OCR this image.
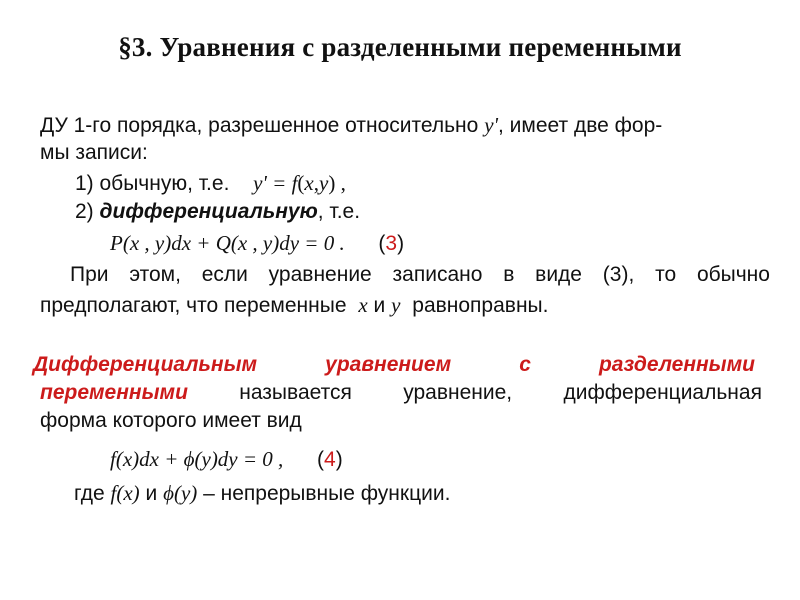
§3. Уравнения с разделенными переменными
ДУ 1-го порядка, разрешенное относительно y', имеет две фор-
мы записи:
1) обычную, т.е. y' = f(x,y) ,
2) дифференциальную, т.е.
P(x , y)dx + Q(x , y)dy = 0 . (3)
При этом, если уравнение записано в виде (3), то обычно
предполагают, что переменные x и y равноправны.
Дифференциальным	уравнением	с	разделенными
переменными называется уравнение, дифференциальная
форма которого имеет вид
f(x)dx + ϕ(y)dy = 0 , (4)
где f(x) и ϕ(y) – непрерывные функции.
